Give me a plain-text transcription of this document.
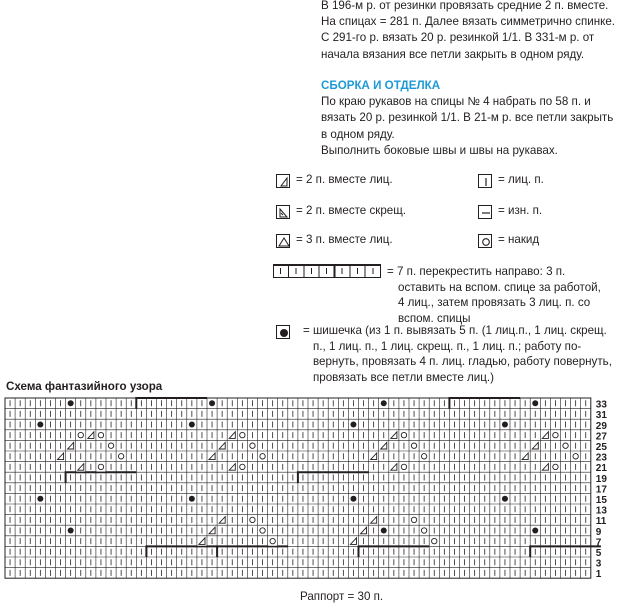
В 196-м р. от резинки провязать средние 2 п. вместе.

На спицах = 281 п. Далее вязать симметрично спинке.

С 291-го р. вязать 20 р. резинкой 1/1. В 331-м р. от

начала вязания все петли закрыть в одном ряду.

СБОРКА И ОТДЕЛКА

По краю рукавов на спицы № 4 набрать по 58 п. и

вязать 20 р. резинкой 1/1. В 21-м р. все петли закрыть

в одном ряду.

Выполнить боковые швы и швы на рукавах.

= 2 п. вместе лиц.
= 2 п. вместе скрещ.
= 3 п. вместе лиц.
= лиц. п.
= изн. п.
= накид
= 7 п. перекрестить направо: 3 п.
оставить на вспом. спице за работой,
4 лиц., затем провязать 3 лиц. п. со
вспом. спицы
= шишечка (из 1 п. вывязать 5 п. (1 лиц.п., 1 лиц. скрещ.
п., 1 лиц. п., 1 лиц. скрещ. п., 1 лиц. п.; работу по-
вернуть, провязать 4 п. лиц. гладью, работу повернуть,
провязать все петли вместе лиц.)
Схема фантазийного узора
33
31
29
27
25
23
21
19
17
15
13
11
9
7
5
3
1
Раппорт = 30 п.
